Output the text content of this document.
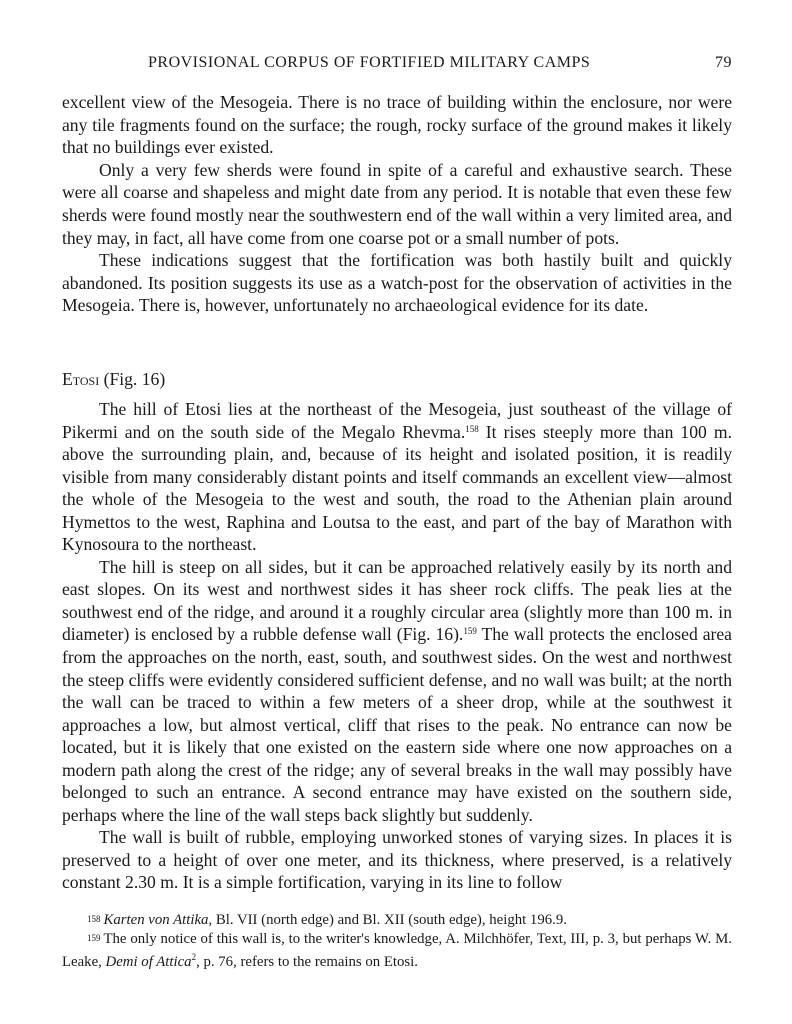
PROVISIONAL CORPUS OF FORTIFIED MILITARY CAMPS	79

excellent view of the Mesogeia. There is no trace of building within the enclosure, nor were any tile fragments found on the surface; the rough, rocky surface of the ground makes it likely that no buildings ever existed.

Only a very few sherds were found in spite of a careful and exhaustive search. These were all coarse and shapeless and might date from any period. It is notable that even these few sherds were found mostly near the southwestern end of the wall within a very limited area, and they may, in fact, all have come from one coarse pot or a small number of pots.

These indications suggest that the fortification was both hastily built and quickly abandoned. Its position suggests its use as a watch-post for the observation of activities in the Mesogeia. There is, however, unfortunately no archaeological evidence for its date.

Etosi (Fig. 16)

The hill of Etosi lies at the northeast of the Mesogeia, just southeast of the village of Pikermi and on the south side of the Megalo Rhevma.$^{158}$ It rises steeply more than 100 m. above the surrounding plain, and, because of its height and isolated position, it is readily visible from many considerably distant points and itself commands an excellent view—almost the whole of the Mesogeia to the west and south, the road to the Athenian plain around Hymettos to the west, Raphina and Loutsa to the east, and part of the bay of Marathon with Kynosoura to the northeast.

The hill is steep on all sides, but it can be approached relatively easily by its north and east slopes. On its west and northwest sides it has sheer rock cliffs. The peak lies at the southwest end of the ridge, and around it a roughly circular area (slightly more than 100 m. in diameter) is enclosed by a rubble defense wall (Fig. 16).$^{159}$ The wall protects the enclosed area from the approaches on the north, east, south, and southwest sides. On the west and northwest the steep cliffs were evidently considered sufficient defense, and no wall was built; at the north the wall can be traced to within a few meters of a sheer drop, while at the southwest it approaches a low, but almost vertical, cliff that rises to the peak. No entrance can now be located, but it is likely that one existed on the eastern side where one now approaches on a modern path along the crest of the ridge; any of several breaks in the wall may possibly have belonged to such an entrance. A second entrance may have existed on the southern side, perhaps where the line of the wall steps back slightly but suddenly.

The wall is built of rubble, employing unworked stones of varying sizes. In places it is preserved to a height of over one meter, and its thickness, where preserved, is a relatively constant 2.30 m. It is a simple fortification, varying in its line to follow

$^{158}$ Karten von Attika, Bl. VII (north edge) and Bl. XII (south edge), height 196.9.

$^{159}$ The only notice of this wall is, to the writer's knowledge, A. Milchhöfer, Text, III, p. 3, but perhaps W. M. Leake, Demi of Attica$^2$, p. 76, refers to the remains on Etosi.
